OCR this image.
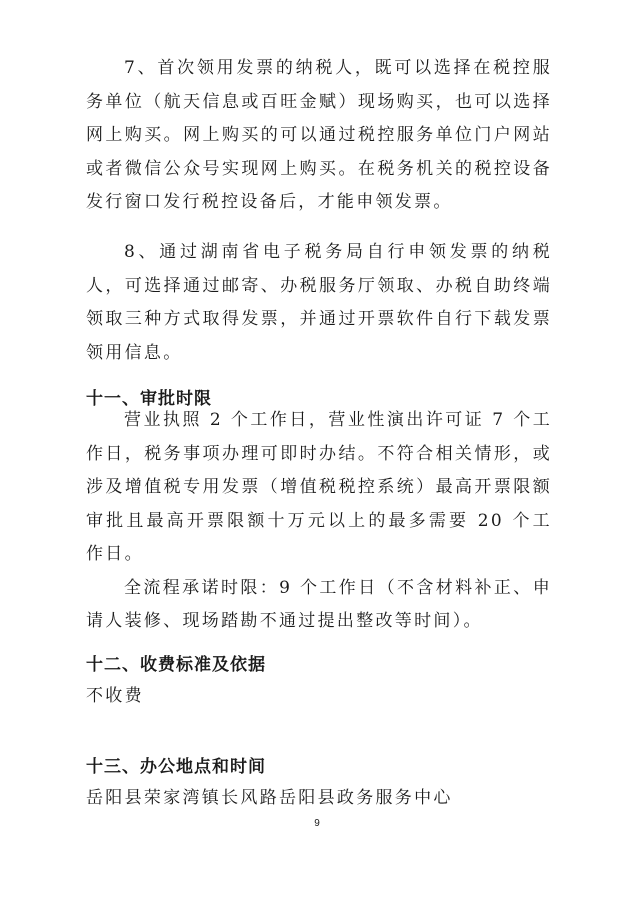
7、首次领用发票的纳税人，既可以选择在税控服务单位（航天信息或百旺金赋）现场购买，也可以选择网上购买。网上购买的可以通过税控服务单位门户网站或者微信公众号实现网上购买。在税务机关的税控设备发行窗口发行税控设备后，才能申领发票。

8、通过湖南省电子税务局自行申领发票的纳税人，可选择通过邮寄、办税服务厅领取、办税自助终端领取三种方式取得发票，并通过开票软件自行下载发票领用信息。

十一、审批时限

营业执照 2 个工作日，营业性演出许可证 7 个工作日，税务事项办理可即时办结。不符合相关情形，或涉及增值税专用发票（增值税税控系统）最高开票限额审批且最高开票限额十万元以上的最多需要 20 个工作日。

全流程承诺时限：9 个工作日（不含材料补正、申请人装修、现场踏勘不通过提出整改等时间）。

十二、收费标准及依据

不收费

十三、办公地点和时间

岳阳县荣家湾镇长风路岳阳县政务服务中心

9
